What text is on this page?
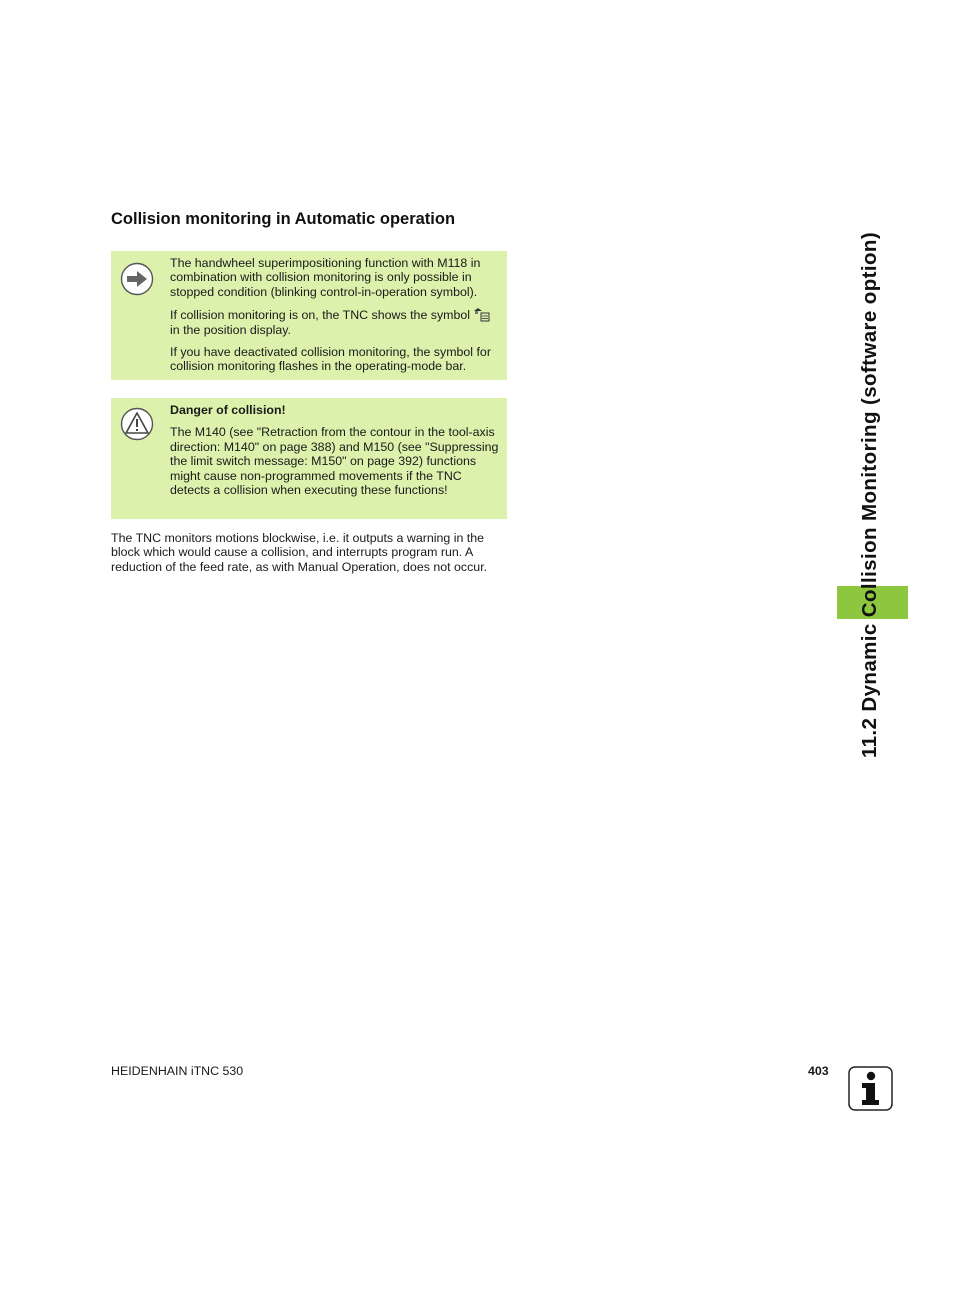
Collision monitoring in Automatic operation

The handwheel superimpositioning function with M118 in combination with collision monitoring is only possible in stopped condition (blinking control-in-operation symbol).

If collision monitoring is on, the TNC shows the symbol  in the position display.

If you have deactivated collision monitoring, the symbol for collision monitoring flashes in the operating-mode bar.

Danger of collision!

The M140 (see "Retraction from the contour in the tool-axis direction: M140" on page 388) and M150 (see "Suppressing the limit switch message: M150" on page 392) functions might cause non-programmed movements if the TNC detects a collision when executing these functions!

The TNC monitors motions blockwise, i.e. it outputs a warning in the block which would cause a collision, and interrupts program run. A reduction of the feed rate, as with Manual Operation, does not occur.	11.2 Dynamic Collision Monitoring (software option)
HEIDENHAIN iTNC 530	403
